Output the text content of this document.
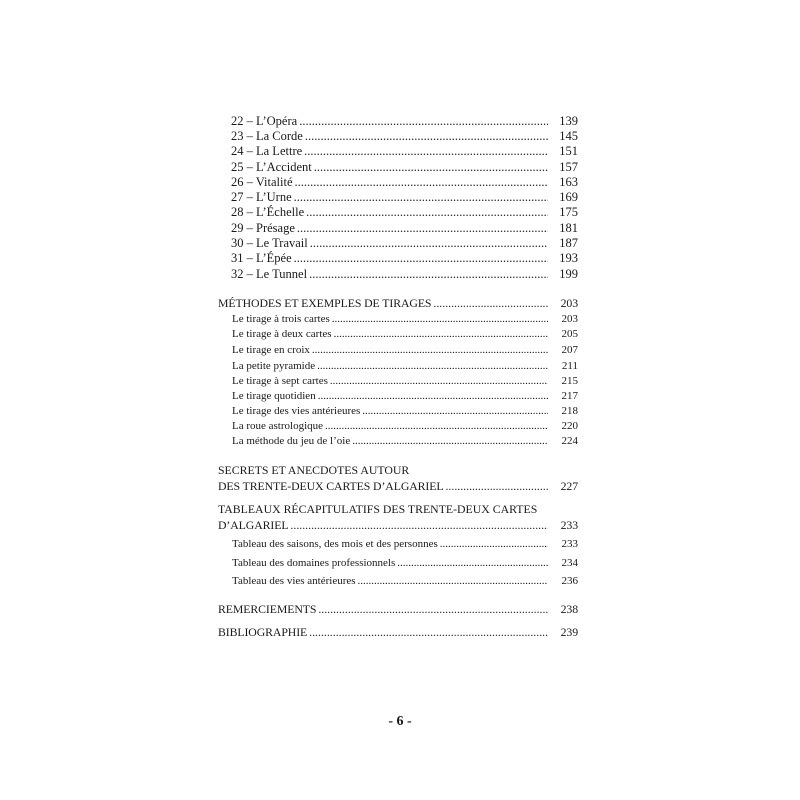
22 – L’Opéra .....	139
23 – La Corde .....	145
24 – La Lettre .....	151
25 – L’Accident .....	157
26 – Vitalité .....	163
27 – L’Urne .....	169
28 – L’Échelle .....	175
29 – Présage .....	181
30 – Le Travail .....	187
31 – L’Épée .....	193
32 – Le Tunnel .....	199
MÉTHODES ET EXEMPLES DE TIRAGES .....	203
Le tirage à trois cartes .....	203
Le tirage à deux cartes .....	205
Le tirage en croix .....	207
La petite pyramide .....	211
Le tirage à sept cartes .....	215
Le tirage quotidien .....	217
Le tirage des vies antérieures .....	218
La roue astrologique .....	220
La méthode du jeu de l’oie .....	224
SECRETS ET ANECDOTES AUTOUR
DES TRENTE-DEUX CARTES D’ALGARIEL .....	227
TABLEAUX RÉCAPITULATIFS DES TRENTE-DEUX CARTES
D’ALGARIEL .....	233
Tableau des saisons, des mois et des personnes .....	233
Tableau des domaines professionnels .....	234
Tableau des vies antérieures .....	236
REMERCIEMENTS .....	238
BIBLIOGRAPHIE .....	239
- 6 -
